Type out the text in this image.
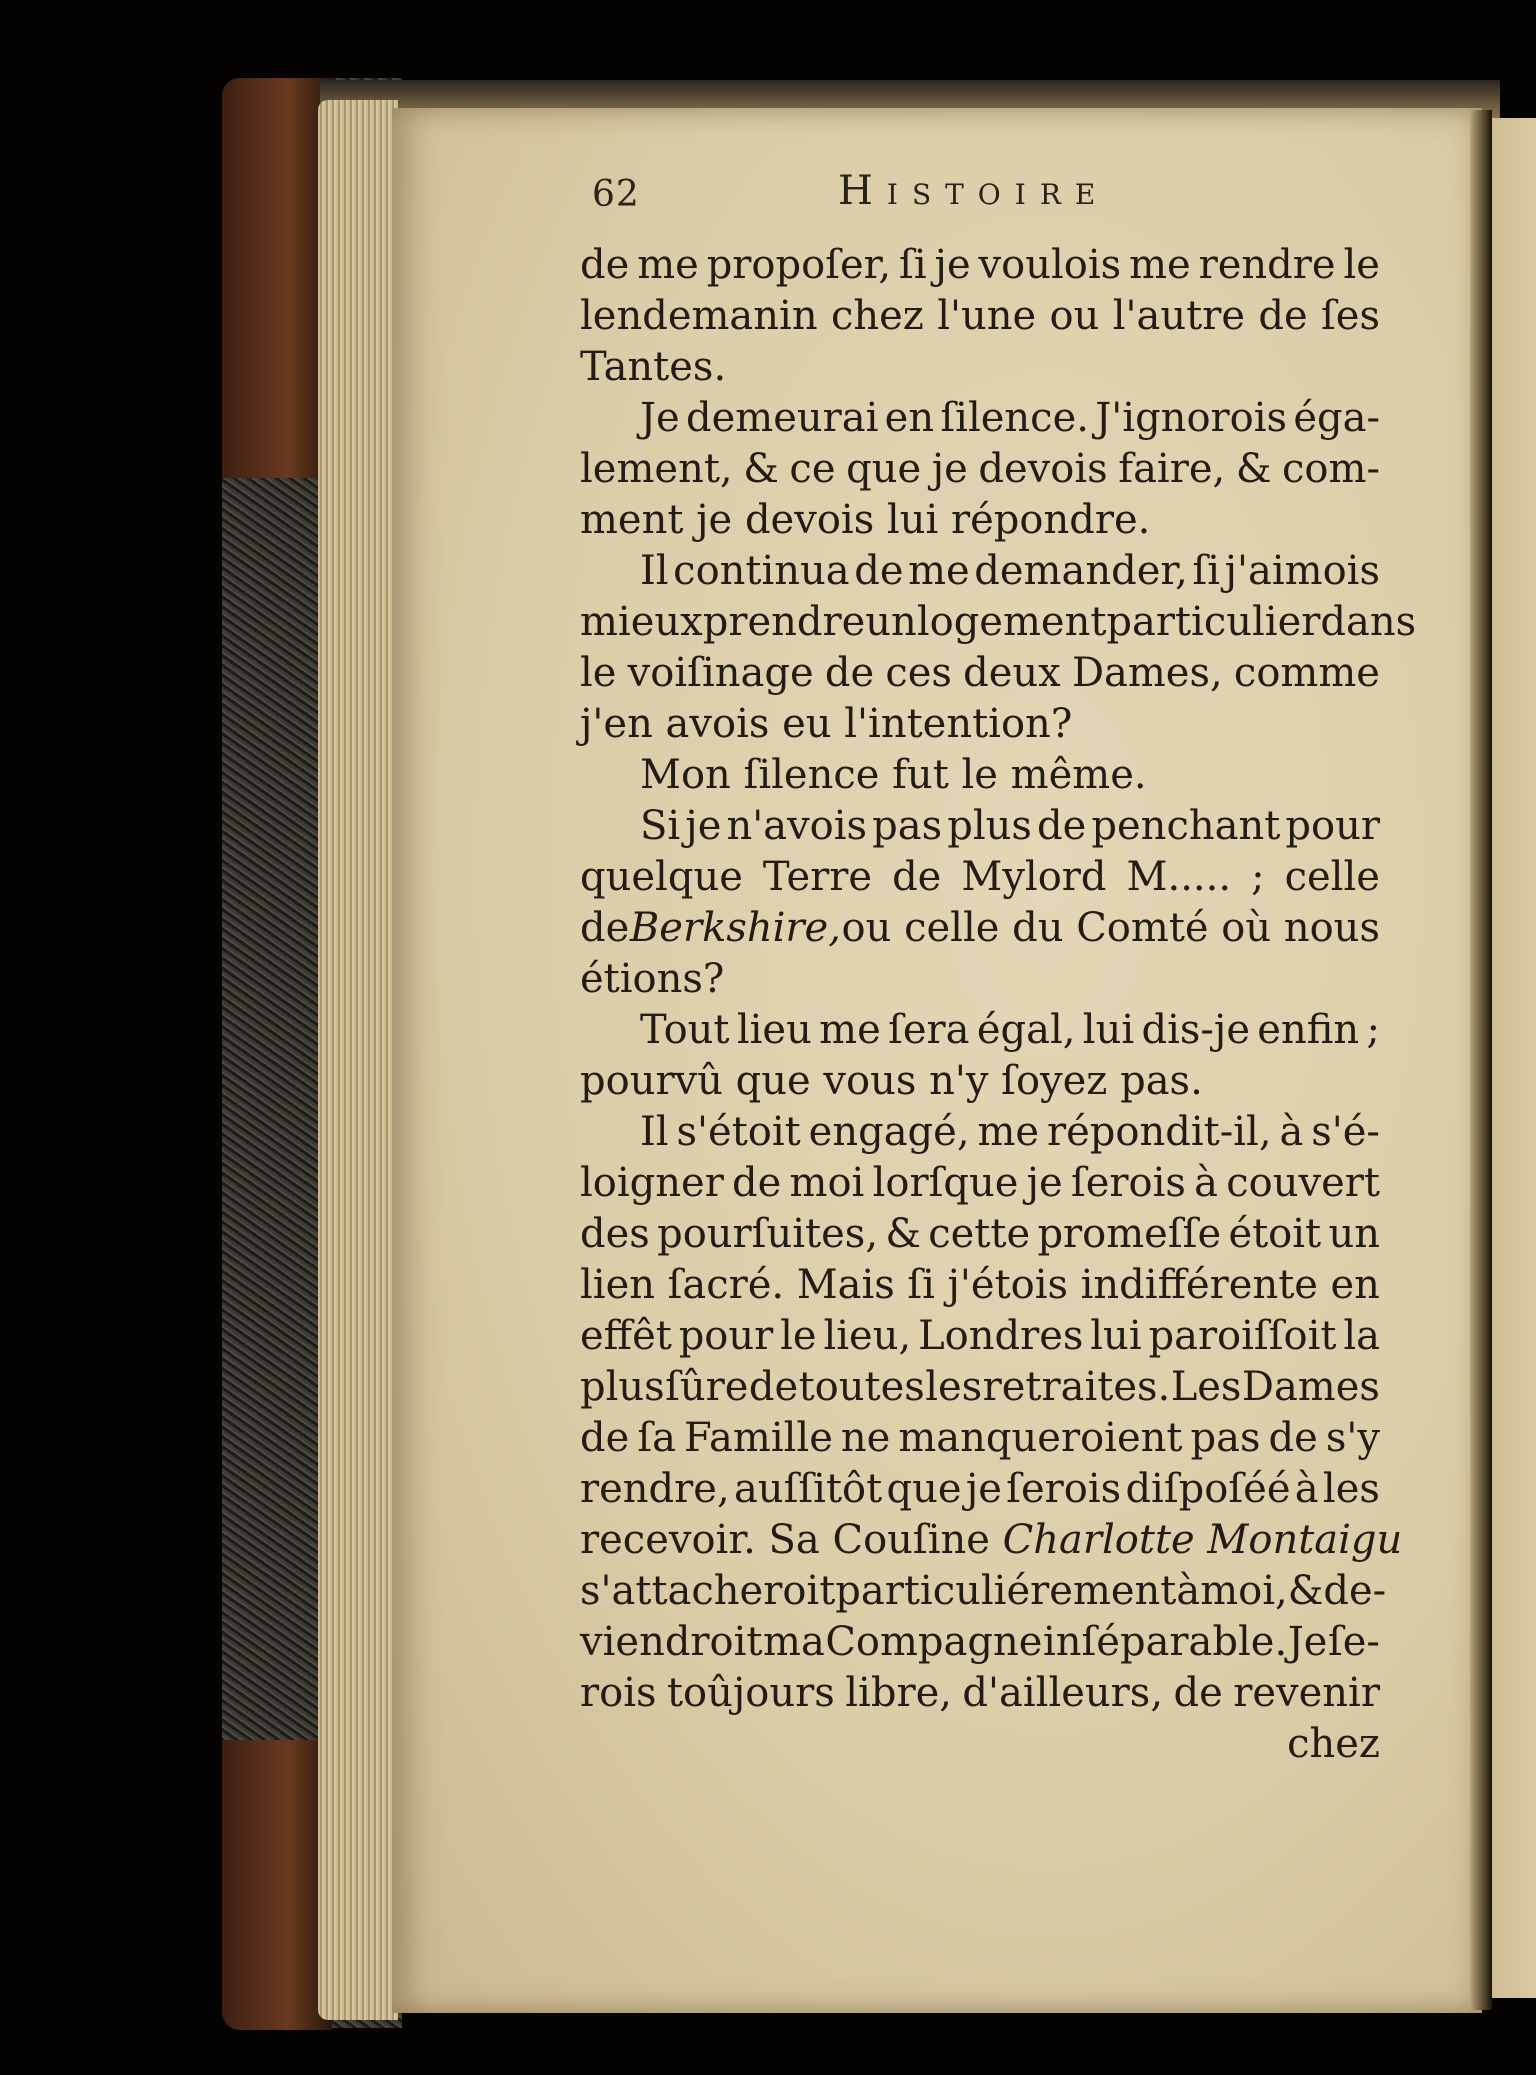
62	Histoire
de me propoſer, ſi je voulois me rendre le
lendemanin chez l'une ou l'autre de ſes
Tantes.
Je demeurai en ſilence. J'ignorois éga-
lement, & ce que je devois faire, & com-
ment je devois lui répondre.
Il continua de me demander, ſi j'aimois
mieux prendre un logement particulier dans
le voiſinage de ces deux Dames, comme
j'en avois eu l'intention?
Mon ſilence fut le même.
Si je n'avois pas plus de penchant pour
quelque Terre de Mylord M..... ; celle
de Berkshire, ou celle du Comté où nous
étions?
Tout lieu me ſera égal, lui dis-je enfin ;
pourvû que vous n'y ſoyez pas.
Il s'étoit engagé, me répondit-il, à s'é-
loigner de moi lorſque je ſerois à couvert
des pourſuites, & cette promeſſe étoit un
lien ſacré. Mais ſi j'étois indifférente en
effêt pour le lieu, Londres lui paroiſſoit la
plus ſûre de toutes les retraites. Les Dames
de ſa Famille ne manqueroient pas de s'y
rendre, auſſitôt que je ſerois diſpoſéé à les
recevoir. Sa Couſine Charlotte Montaigu
s'attacheroit particuliérement à moi, & de-
viendroit ma Compagne inſéparable. Je ſe-
rois toûjours libre, d'ailleurs, de revenir
chez
